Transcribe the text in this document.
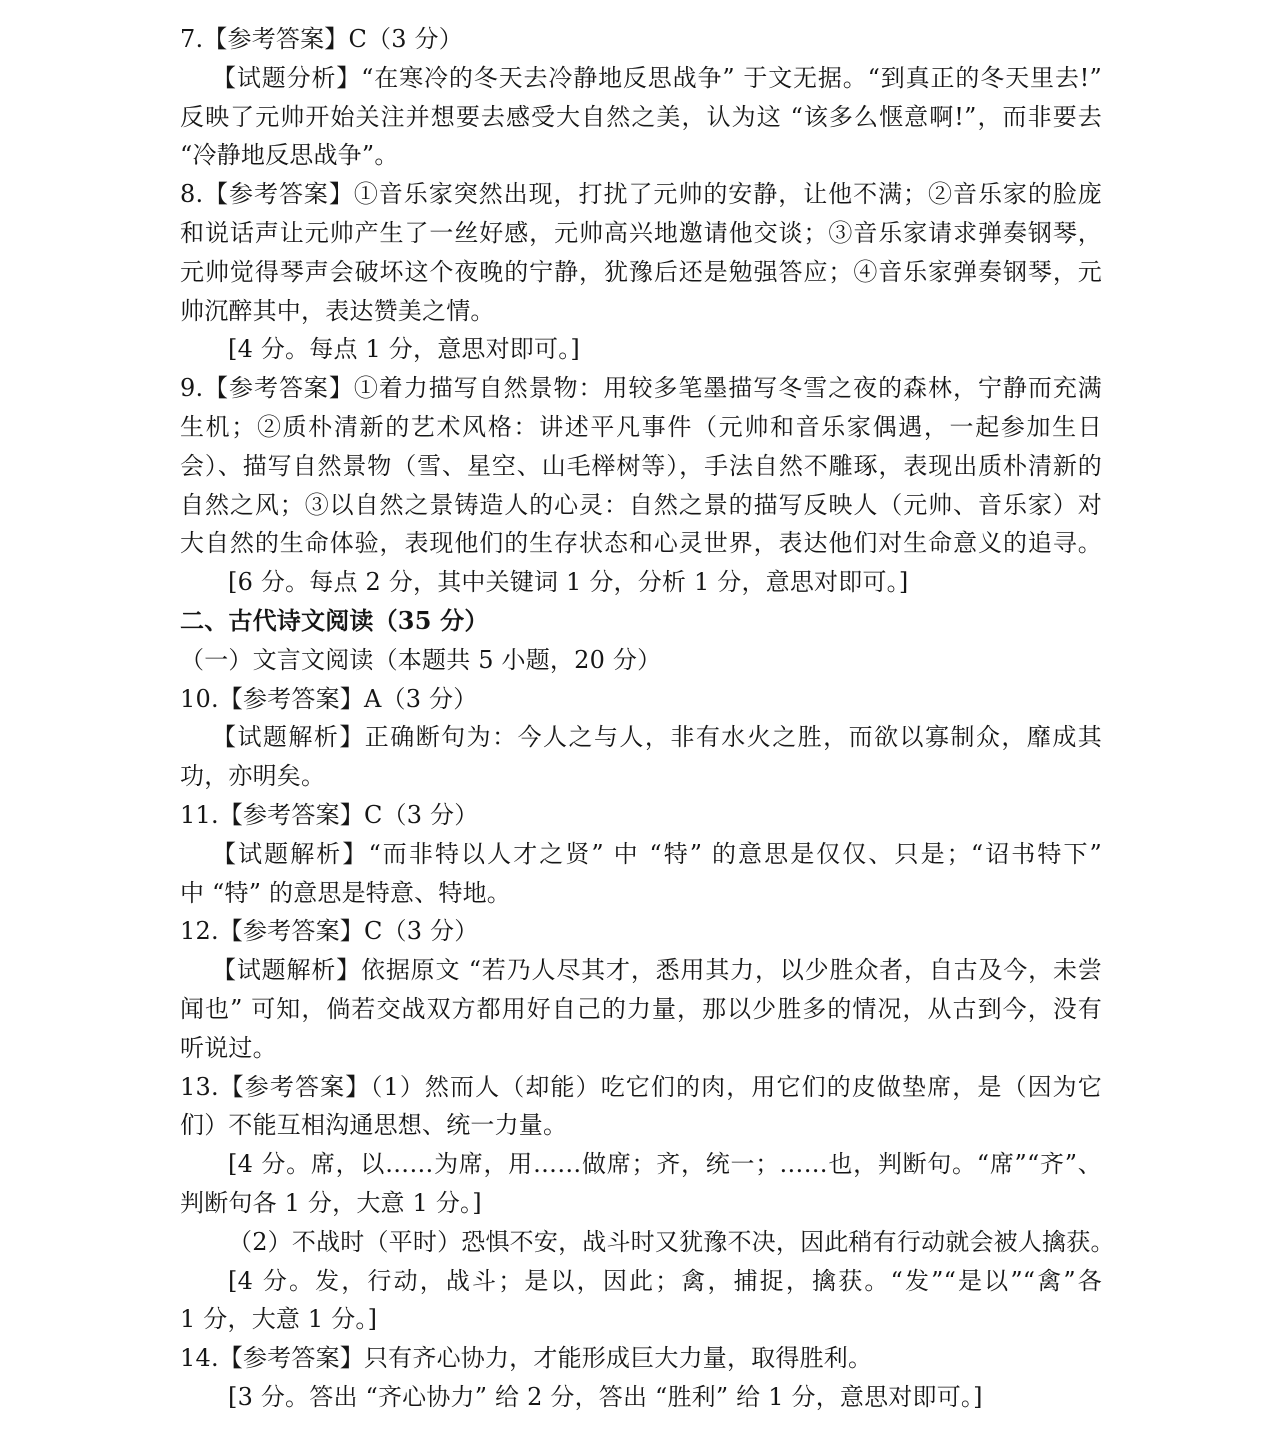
7.【参考答案】C（3 分）
【试题分析】“在寒冷的冬天去冷静地反思战争” 于文无据。“到真正的冬天里去!”
反映了元帅开始关注并想要去感受大自然之美，认为这 “该多么惬意啊!”，而非要去
“冷静地反思战争”。
8.【参考答案】①音乐家突然出现，打扰了元帅的安静，让他不满；②音乐家的脸庞
和说话声让元帅产生了一丝好感，元帅高兴地邀请他交谈；③音乐家请求弹奏钢琴，
元帅觉得琴声会破坏这个夜晚的宁静，犹豫后还是勉强答应；④音乐家弹奏钢琴，元
帅沉醉其中，表达赞美之情。
[4 分。每点 1 分，意思对即可。]
9.【参考答案】①着力描写自然景物：用较多笔墨描写冬雪之夜的森林，宁静而充满
生机；②质朴清新的艺术风格：讲述平凡事件（元帅和音乐家偶遇，一起参加生日
会）、描写自然景物（雪、星空、山毛榉树等），手法自然不雕琢，表现出质朴清新的
自然之风；③以自然之景铸造人的心灵：自然之景的描写反映人（元帅、音乐家）对
大自然的生命体验，表现他们的生存状态和心灵世界，表达他们对生命意义的追寻。
[6 分。每点 2 分，其中关键词 1 分，分析 1 分，意思对即可。]
二、古代诗文阅读（35 分）
（一）文言文阅读（本题共 5 小题，20 分）
10.【参考答案】A（3 分）
【试题解析】正确断句为：今人之与人，非有水火之胜，而欲以寡制众，靡成其
功，亦明矣。
11.【参考答案】C（3 分）
【试题解析】“而非特以人才之贤” 中 “特” 的意思是仅仅、只是；“诏书特下”
中 “特” 的意思是特意、特地。
12.【参考答案】C（3 分）
【试题解析】依据原文 “若乃人尽其才，悉用其力，以少胜众者，自古及今，未尝
闻也” 可知，倘若交战双方都用好自己的力量，那以少胜多的情况，从古到今，没有
听说过。
13.【参考答案】（1）然而人（却能）吃它们的肉，用它们的皮做垫席，是（因为它
们）不能互相沟通思想、统一力量。
[4 分。席，以……为席，用……做席；齐，统一；……也，判断句。“席”“齐”、
判断句各 1 分，大意 1 分。]
（2）不战时（平时）恐惧不安，战斗时又犹豫不决，因此稍有行动就会被人擒获。
[4 分。发，行动，战斗；是以，因此；禽，捕捉，擒获。“发”“是以”“禽”各
1 分，大意 1 分。]
14.【参考答案】只有齐心协力，才能形成巨大力量，取得胜利。
[3 分。答出 “齐心协力” 给 2 分，答出 “胜利” 给 1 分，意思对即可。]
